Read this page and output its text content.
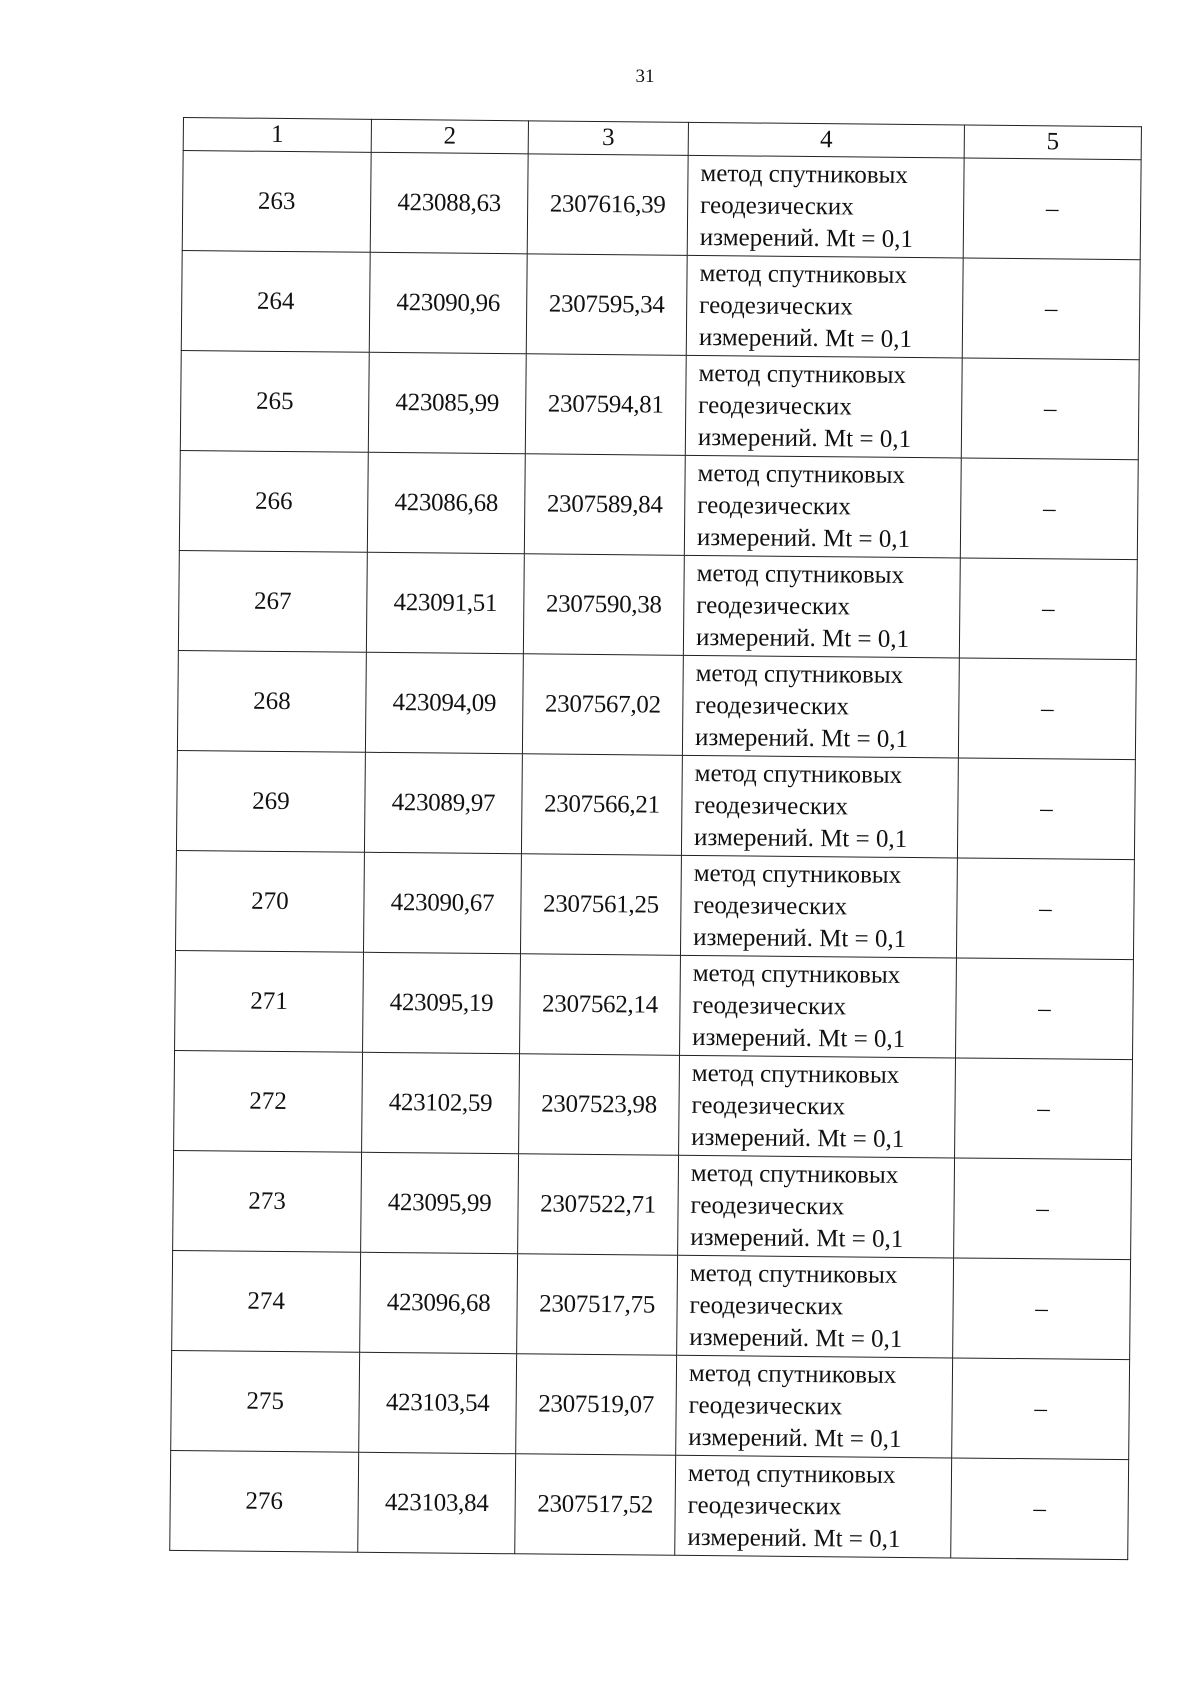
31
1	2	3	4	5
263	423088,63	2307616,39	метод спутниковых
геодезических
измерений. Mt = 0,1	–
264	423090,96	2307595,34	метод спутниковых
геодезических
измерений. Mt = 0,1	–
265	423085,99	2307594,81	метод спутниковых
геодезических
измерений. Mt = 0,1	–
266	423086,68	2307589,84	метод спутниковых
геодезических
измерений. Mt = 0,1	–
267	423091,51	2307590,38	метод спутниковых
геодезических
измерений. Mt = 0,1	–
268	423094,09	2307567,02	метод спутниковых
геодезических
измерений. Mt = 0,1	–
269	423089,97	2307566,21	метод спутниковых
геодезических
измерений. Mt = 0,1	–
270	423090,67	2307561,25	метод спутниковых
геодезических
измерений. Mt = 0,1	–
271	423095,19	2307562,14	метод спутниковых
геодезических
измерений. Mt = 0,1	–
272	423102,59	2307523,98	метод спутниковых
геодезических
измерений. Mt = 0,1	–
273	423095,99	2307522,71	метод спутниковых
геодезических
измерений. Mt = 0,1	–
274	423096,68	2307517,75	метод спутниковых
геодезических
измерений. Mt = 0,1	–
275	423103,54	2307519,07	метод спутниковых
геодезических
измерений. Mt = 0,1	–
276	423103,84	2307517,52	метод спутниковых
геодезических
измерений. Mt = 0,1	–
